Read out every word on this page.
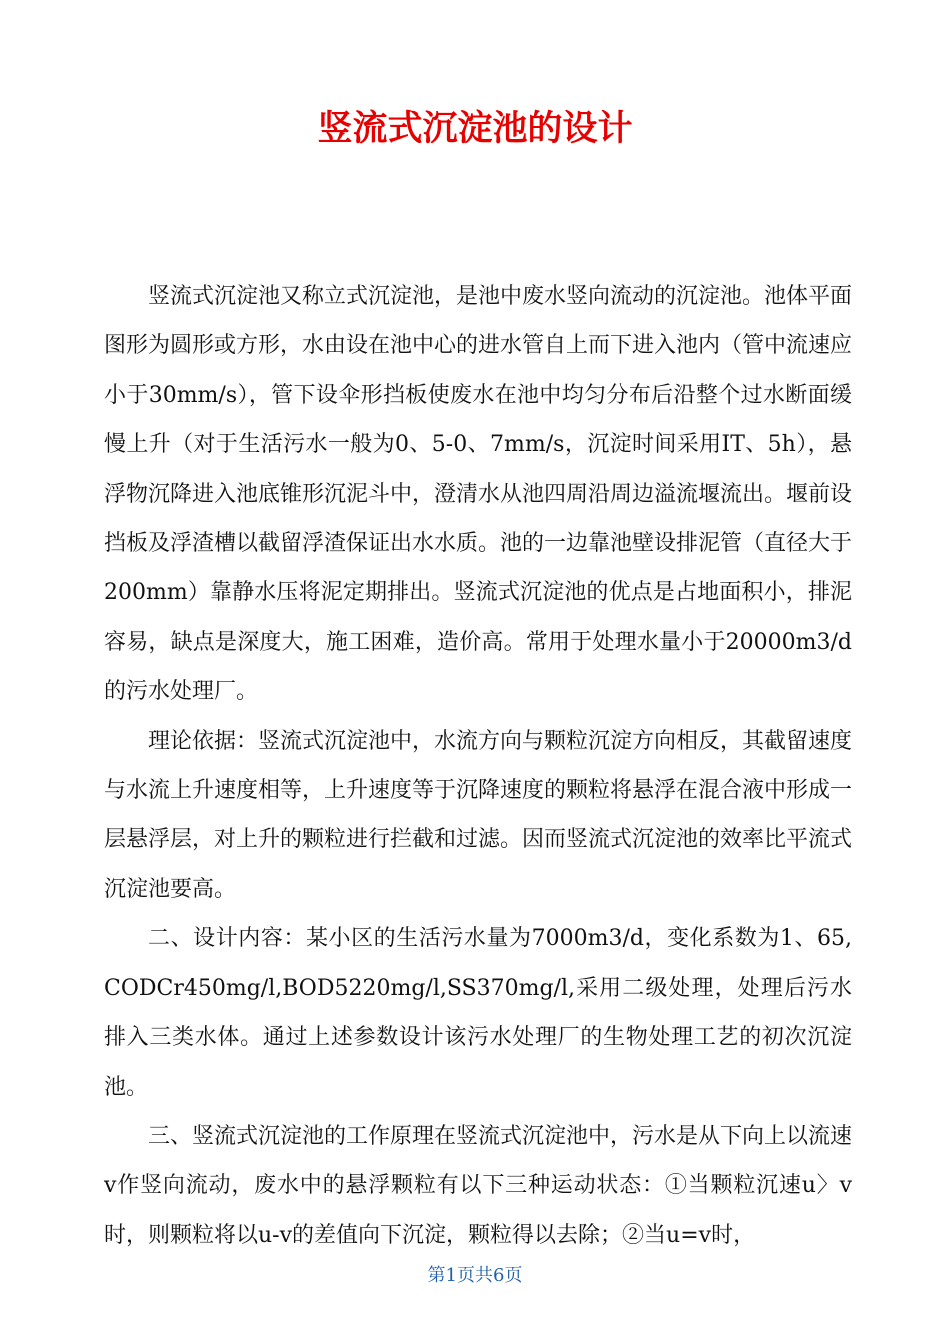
竖流式沉淀池的设计

竖流式沉淀池又称立式沉淀池，是池中废水竖向流动的沉淀池。池体平面图形为圆形或方形，水由设在池中心的进水管自上而下进入池内（管中流速应小于30mm/s），管下设伞形挡板使废水在池中均匀分布后沿整个过水断面缓慢上升（对于生活污水一般为0、5-0、7mm/s，沉淀时间采用IT、5h），悬浮物沉降进入池底锥形沉泥斗中，澄清水从池四周沿周边溢流堰流出。堰前设挡板及浮渣槽以截留浮渣保证出水水质。池的一边靠池壁设排泥管（直径大于200mm）靠静水压将泥定期排出。竖流式沉淀池的优点是占地面积小，排泥容易，缺点是深度大，施工困难，造价高。常用于处理水量小于20000m3/d的污水处理厂。

理论依据：竖流式沉淀池中，水流方向与颗粒沉淀方向相反，其截留速度与水流上升速度相等，上升速度等于沉降速度的颗粒将悬浮在混合液中形成一层悬浮层，对上升的颗粒进行拦截和过滤。因而竖流式沉淀池的效率比平流式沉淀池要高。

二、设计内容：某小区的生活污水量为7000m3/d，变化系数为1、65,CODCr450mg/l,BOD5220mg/l,SS370mg/l,采用二级处理，处理后污水排入三类水体。通过上述参数设计该污水处理厂的生物处理工艺的初次沉淀池。

三、竖流式沉淀池的工作原理在竖流式沉淀池中，污水是从下向上以流速v作竖向流动，废水中的悬浮颗粒有以下三种运动状态：①当颗粒沉速u〉v时，则颗粒将以u-v的差值向下沉淀，颗粒得以去除；②当u=v时，

第1页共6页
